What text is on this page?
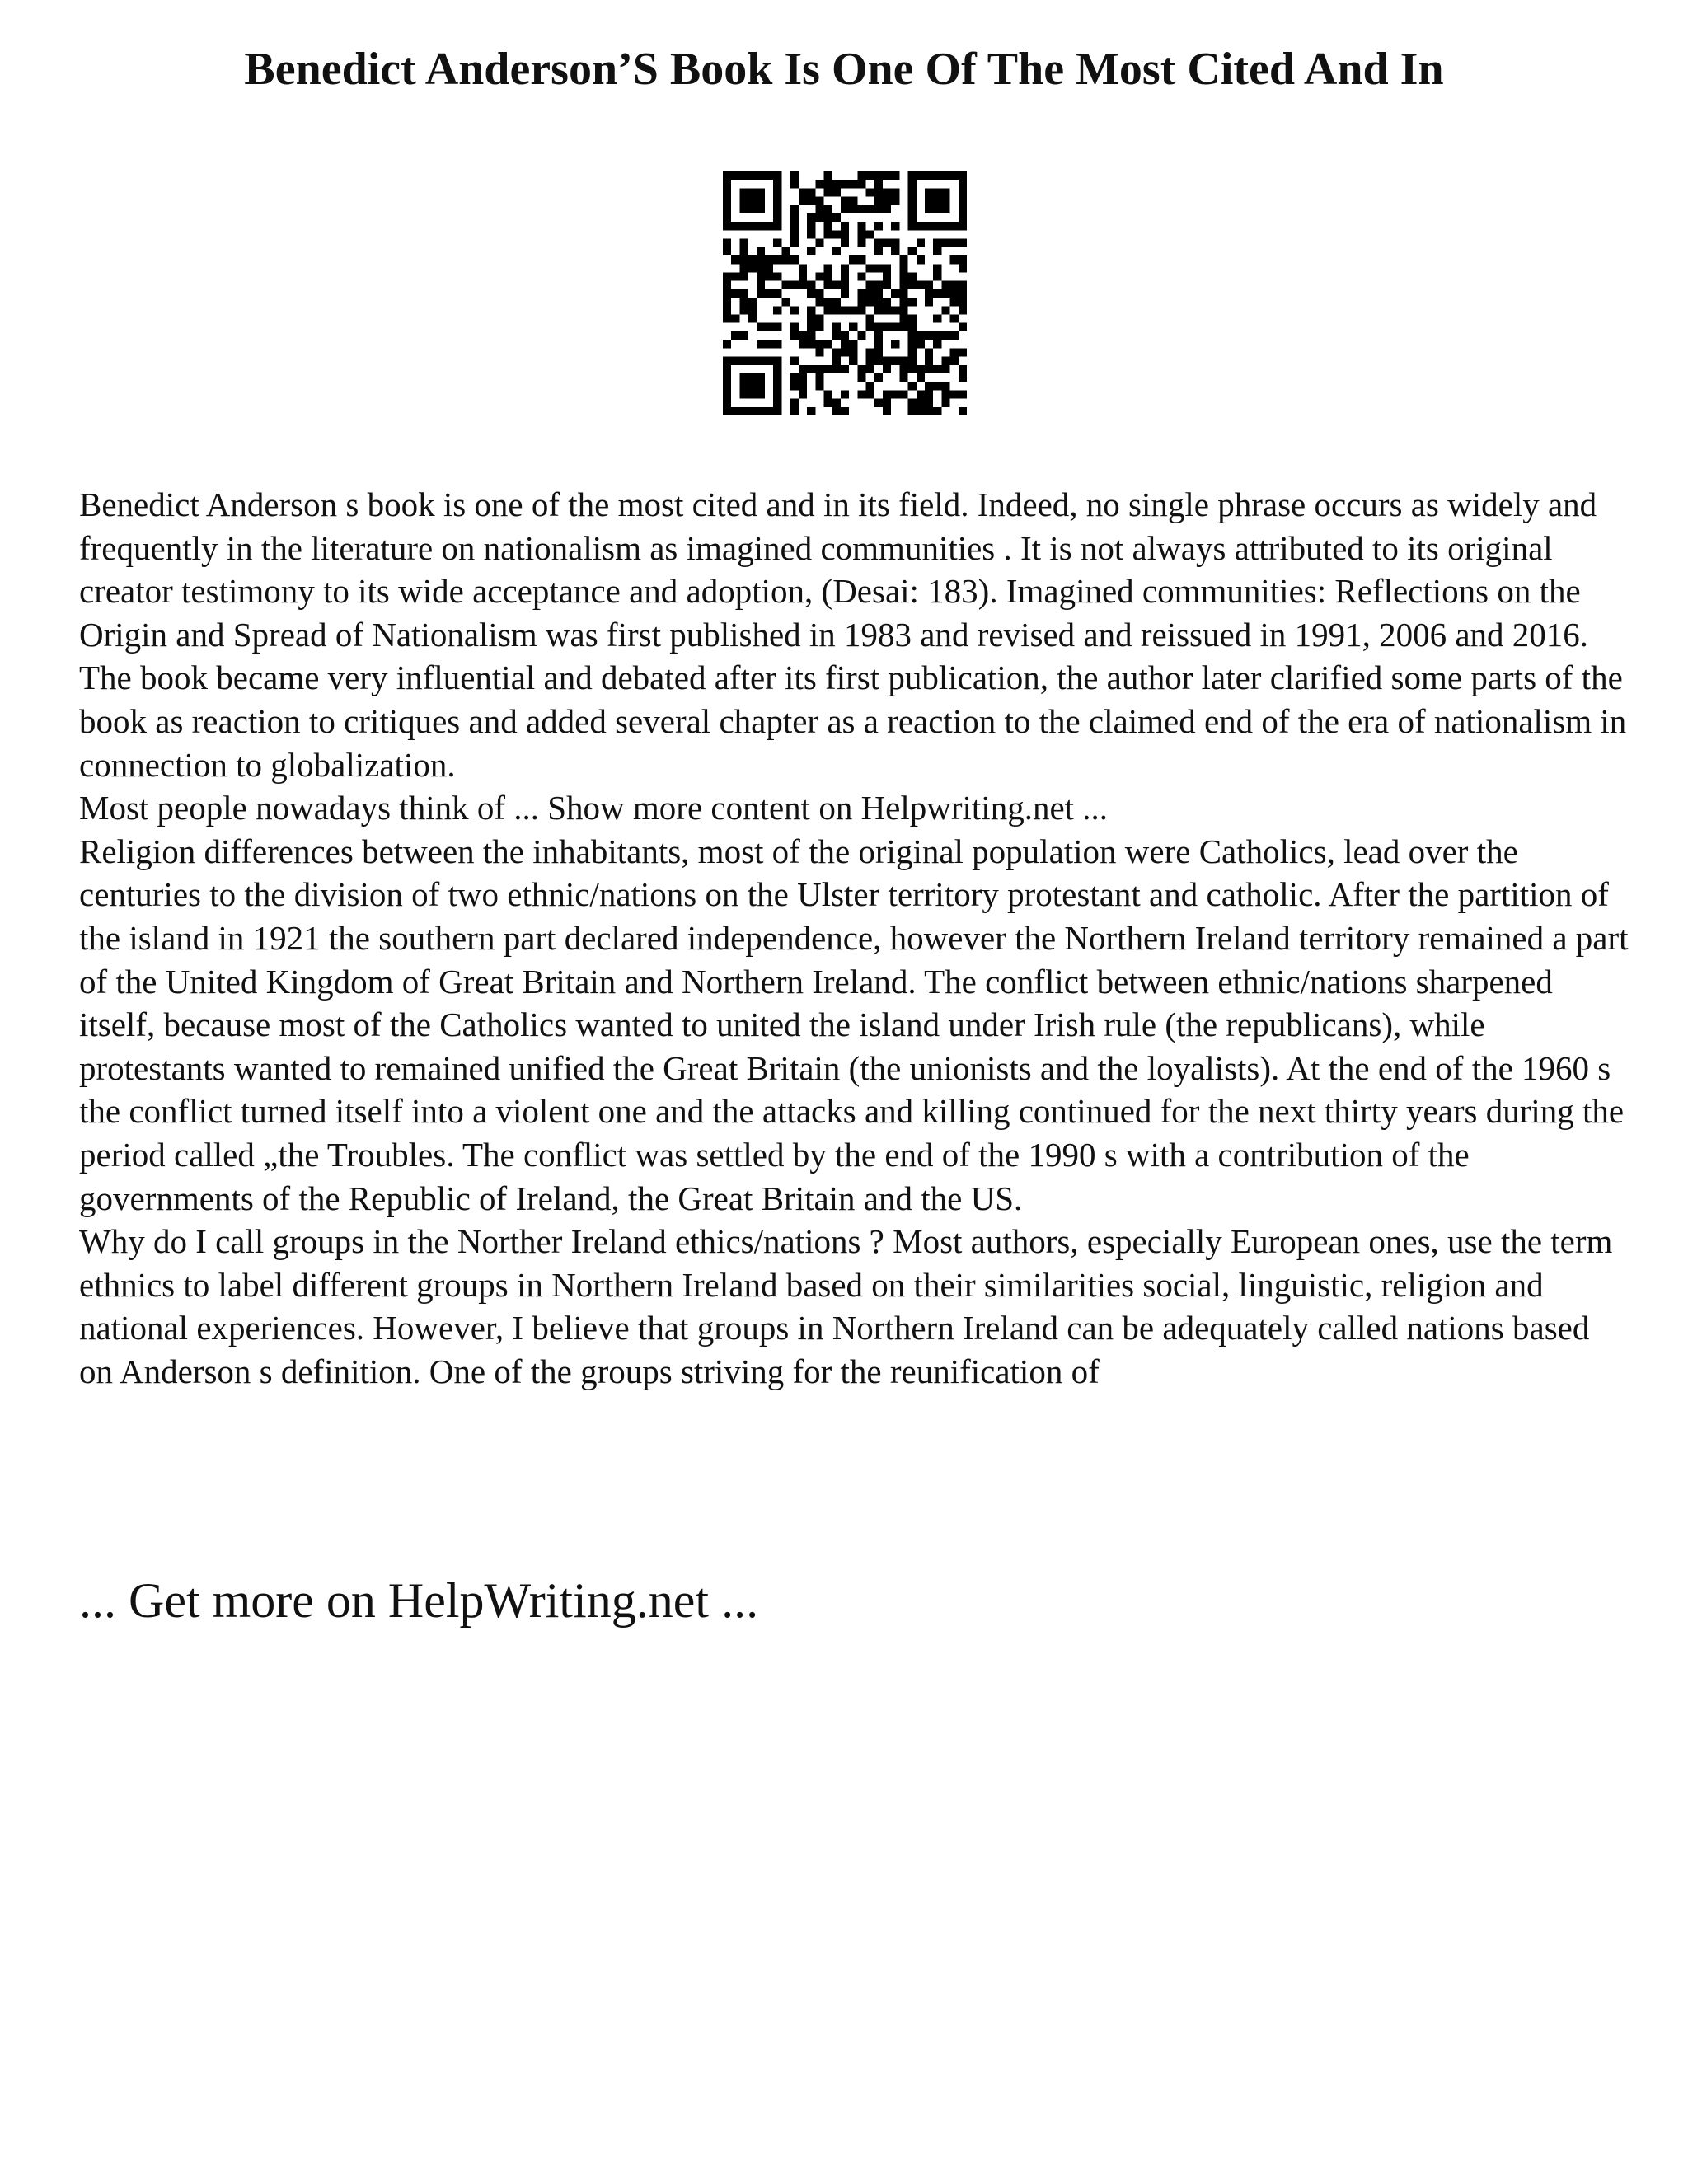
Benedict Anderson’S Book Is One Of The Most Cited And In

Benedict Anderson s book is one of the most cited and in its field. Indeed, no single phrase occurs as widely and frequently in the literature on nationalism as imagined communities . It is not always attributed to its original creator testimony to its wide acceptance and adoption, (Desai: 183). Imagined communities: Reflections on the Origin and Spread of Nationalism was first published in 1983 and revised and reissued in 1991, 2006 and 2016. The book became very influential and debated after its first publication, the author later clarified some parts of the book as reaction to critiques and added several chapter as a reaction to the claimed end of the era of nationalism in connection to globalization.

Most people nowadays think of ... Show more content on Helpwriting.net ...

Religion differences between the inhabitants, most of the original population were Catholics, lead over the centuries to the division of two ethnic/nations on the Ulster territory protestant and catholic. After the partition of the island in 1921 the southern part declared independence, however the Northern Ireland territory remained a part of the United Kingdom of Great Britain and Northern Ireland. The conflict between ethnic/nations sharpened itself, because most of the Catholics wanted to united the island under Irish rule (the republicans), while protestants wanted to remained unified the Great Britain (the unionists and the loyalists). At the end of the 1960 s the conflict turned itself into a violent one and the attacks and killing continued for the next thirty years during the period called „the Troubles. The conflict was settled by the end of the 1990 s with a contribution of the governments of the Republic of Ireland, the Great Britain and the US.

Why do I call groups in the Norther Ireland ethics/nations ? Most authors, especially European ones, use the term ethnics to label different groups in Northern Ireland based on their similarities social, linguistic, religion and national experiences. However, I believe that groups in Northern Ireland can be adequately called nations based on Anderson s definition. One of the groups striving for the reunification of

... Get more on HelpWriting.net ...
